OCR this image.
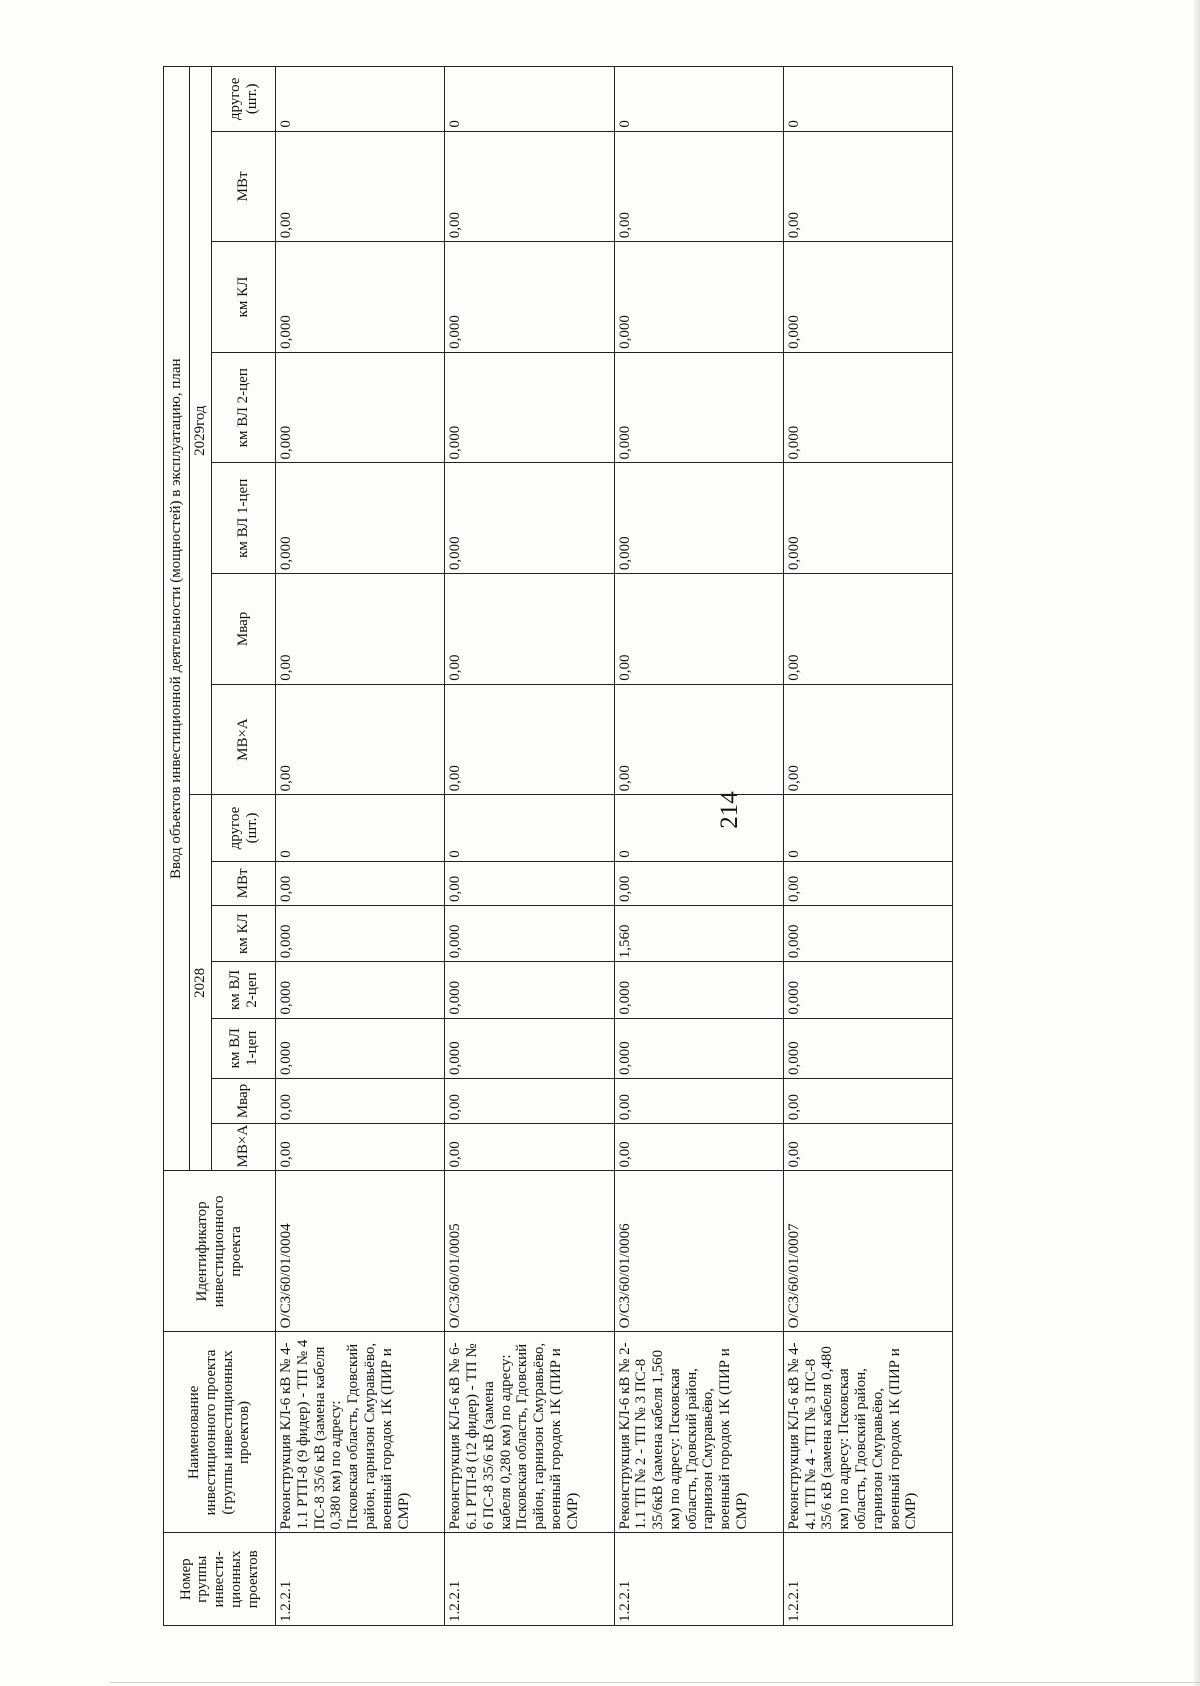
214
Номер группы инвести-ционных проектов	Наименование инвестиционного проекта (группы инвестиционных проектов)	Идентификатор инвестиционного проекта	Ввод объектов инвестиционной деятельности (мощностей) в эксплуатацию, план													
			2028							2029год						
			МВ×А	Мвар	км ВЛ 1-цеп	км ВЛ 2-цеп	км КЛ	МВт	другое (шт.)	МВ×А	Мвар	км ВЛ 1-цеп	км ВЛ 2-цеп	км КЛ	МВт	другое (шт.)
1.2.2.1	Реконструкция КЛ-6 кВ № 4-1.1 РТП-8 (9 фидер) - ТП № 4 ПС-8 35/6 кВ (замена кабеля 0,380 км) по адресу: Псковская область, Гдовский район, гарнизон Смуравьёво, военный городок 1К (ПИР и СМР)	О/СЗ/60/01/0004	0,00	0,00	0,000	0,000	0,000	0,00	0	0,00	0,00	0,000	0,000	0,000	0,00	0
1.2.2.1	Реконструкция КЛ-6 кВ № 6-6.1 РТП-8 (12 фидер) - ТП № 6 ПС-8 35/6 кВ (замена кабеля 0,280 км) по адресу: Псковская область, Гдовский район, гарнизон Смуравьёво, военный городок 1К (ПИР и СМР)	О/СЗ/60/01/0005	0,00	0,00	0,000	0,000	0,000	0,00	0	0,00	0,00	0,000	0,000	0,000	0,00	0
1.2.2.1	Реконструкция КЛ-6 кВ № 2-1.1 ТП № 2 - ТП № 3 ПС-8 35/6кВ (замена кабеля 1,560 км) по адресу: Псковская область, Гдовский район, гарнизон Смуравьёво, военный городок 1К (ПИР и СМР)	О/СЗ/60/01/0006	0,00	0,00	0,000	0,000	1,560	0,00	0	0,00	0,00	0,000	0,000	0,000	0,00	0
1.2.2.1	Реконструкция КЛ-6 кВ № 4-4.1 ТП № 4 - ТП № 3 ПС-8 35/6 кВ (замена кабеля 0,480 км) по адресу: Псковская область, Гдовский район, гарнизон Смуравьёво, военный городок 1К (ПИР и СМР)	О/СЗ/60/01/0007	0,00	0,00	0,000	0,000	0,000	0,00	0	0,00	0,00	0,000	0,000	0,000	0,00	0
